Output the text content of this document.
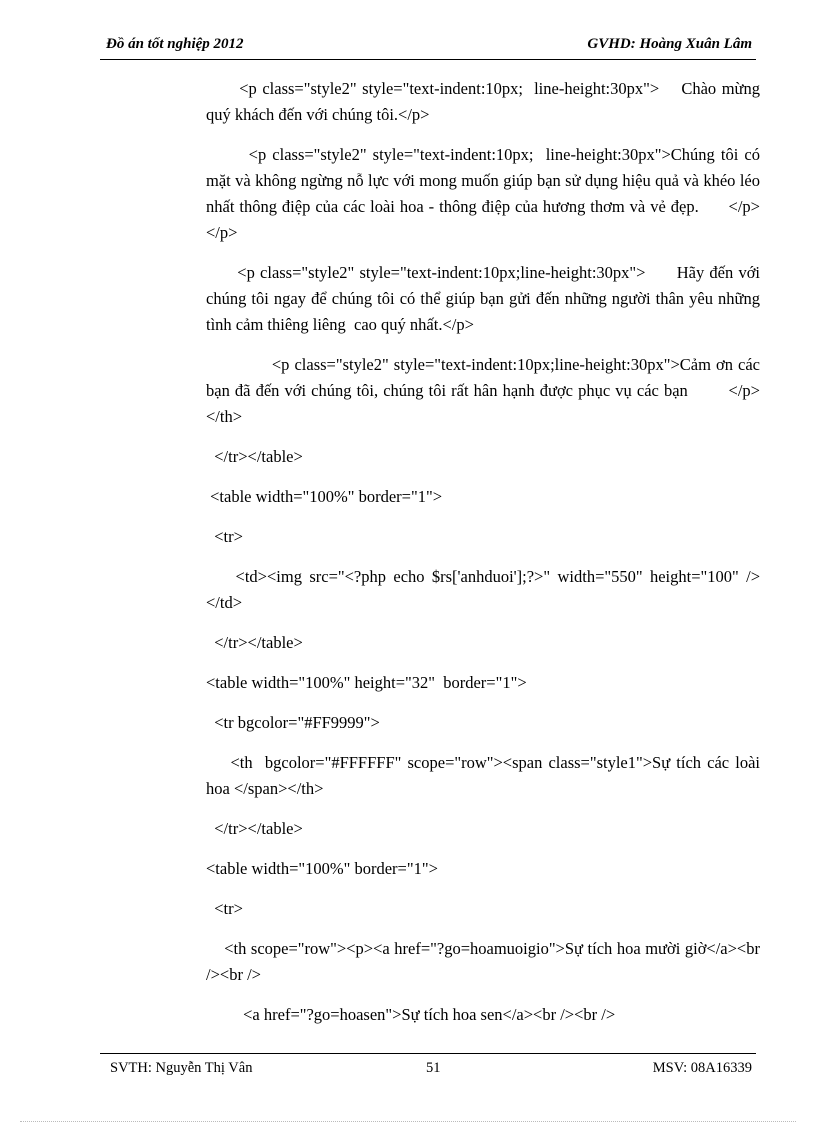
Đồ án tốt nghiệp 2012	GVHD: Hoàng Xuân Lâm

<p class="style2" style="text-indent:10px;  line-height:30px">    Chào mừng quý khách đến với chúng tôi.</p>

<p class="style2" style="text-indent:10px;  line-height:30px">Chúng tôi có mặt và không ngừng nỗ lực với mong muốn giúp bạn sử dụng hiệu quả và khéo léo nhất thông điệp của các loài hoa - thông điệp của hương thơm và vẻ đẹp.      </p>      </p>

<p class="style2" style="text-indent:10px;line-height:30px">      Hãy đến với chúng tôi ngay để chúng tôi có thể giúp bạn gửi đến những người thân yêu những tình cảm thiêng liêng  cao quý nhất.</p>

<p class="style2" style="text-indent:10px;line-height:30px">Cảm ơn các bạn đã đến với chúng tôi, chúng tôi rất hân hạnh được phục vụ các bạn        </p>    </th>

</tr></table>

<table width="100%" border="1">

<tr>

<td><img src="<?php echo $rs['anhduoi'];?>" width="550" height="100" /></td>

</tr></table>

<table width="100%" height="32"  border="1">

<tr bgcolor="#FF9999">

<th  bgcolor="#FFFFFF" scope="row"><span class="style1">Sự tích các loài hoa </span></th>

</tr></table>

<table width="100%" border="1">

<tr>

<th scope="row"><p><a href="?go=hoamuoigio">Sự tích hoa mười giờ</a><br /><br />

<a href="?go=hoasen">Sự tích hoa sen</a><br /><br />

SVTH: Nguyễn Thị Vân	51	MSV: 08A16339
